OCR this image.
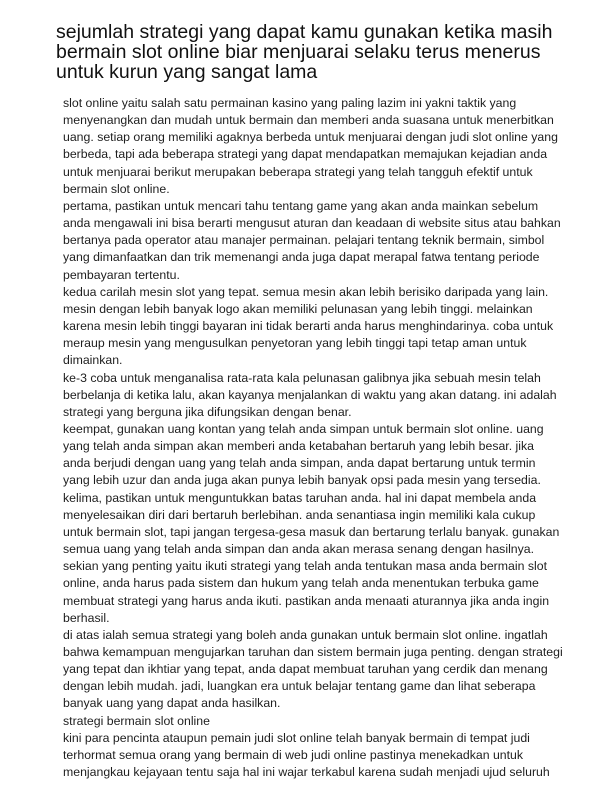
sejumlah strategi yang dapat kamu gunakan ketika masih bermain slot online biar menjuarai selaku terus menerus untuk kurun yang sangat lama

slot online yaitu salah satu permainan kasino yang paling lazim ini yakni taktik yang menyenangkan dan mudah untuk bermain dan memberi anda suasana untuk menerbitkan uang. setiap orang memiliki agaknya berbeda untuk menjuarai dengan judi slot online yang berbeda, tapi ada beberapa strategi yang dapat mendapatkan memajukan kejadian anda untuk menjuarai berikut merupakan beberapa strategi yang telah tangguh efektif untuk bermain slot online.

pertama, pastikan untuk mencari tahu tentang game yang akan anda mainkan sebelum anda mengawali ini bisa berarti mengusut aturan dan keadaan di website situs atau bahkan bertanya pada operator atau manajer permainan. pelajari tentang teknik bermain, simbol yang dimanfaatkan dan trik memenangi anda juga dapat merapal fatwa tentang periode pembayaran tertentu.

kedua carilah mesin slot yang tepat. semua mesin akan lebih berisiko daripada yang lain. mesin dengan lebih banyak logo akan memiliki pelunasan yang lebih tinggi. melainkan karena mesin lebih tinggi bayaran ini tidak berarti anda harus menghindarinya. coba untuk meraup mesin yang mengusulkan penyetoran yang lebih tinggi tapi tetap aman untuk dimainkan.

ke-3 coba untuk menganalisa rata-rata kala pelunasan galibnya jika sebuah mesin telah berbelanja di ketika lalu, akan kayanya menjalankan di waktu yang akan datang. ini adalah strategi yang berguna jika difungsikan dengan benar.

keempat, gunakan uang kontan yang telah anda simpan untuk bermain slot online. uang yang telah anda simpan akan memberi anda ketabahan bertaruh yang lebih besar. jika anda berjudi dengan uang yang telah anda simpan, anda dapat bertarung untuk termin yang lebih uzur dan anda juga akan punya lebih banyak opsi pada mesin yang tersedia.

kelima, pastikan untuk menguntukkan batas taruhan anda. hal ini dapat membela anda menyelesaikan diri dari bertaruh berlebihan. anda senantiasa ingin memiliki kala cukup untuk bermain slot, tapi jangan tergesa-gesa masuk dan bertarung terlalu banyak. gunakan semua uang yang telah anda simpan dan anda akan merasa senang dengan hasilnya.

sekian yang penting yaitu ikuti strategi yang telah anda tentukan masa anda bermain slot online, anda harus pada sistem dan hukum yang telah anda menentukan terbuka game membuat strategi yang harus anda ikuti. pastikan anda menaati aturannya jika anda ingin berhasil.

di atas ialah semua strategi yang boleh anda gunakan untuk bermain slot online. ingatlah bahwa kemampuan mengujarkan taruhan dan sistem bermain juga penting. dengan strategi yang tepat dan ikhtiar yang tepat, anda dapat membuat taruhan yang cerdik dan menang dengan lebih mudah. jadi, luangkan era untuk belajar tentang game dan lihat seberapa banyak uang yang dapat anda hasilkan.

strategi bermain slot online

kini para pencinta ataupun pemain judi slot online telah banyak bermain di tempat judi terhormat semua orang yang bermain di web judi online pastinya menekadkan untuk menjangkau kejayaan tentu saja hal ini wajar terkabul karena sudah menjadi ujud seluruh
